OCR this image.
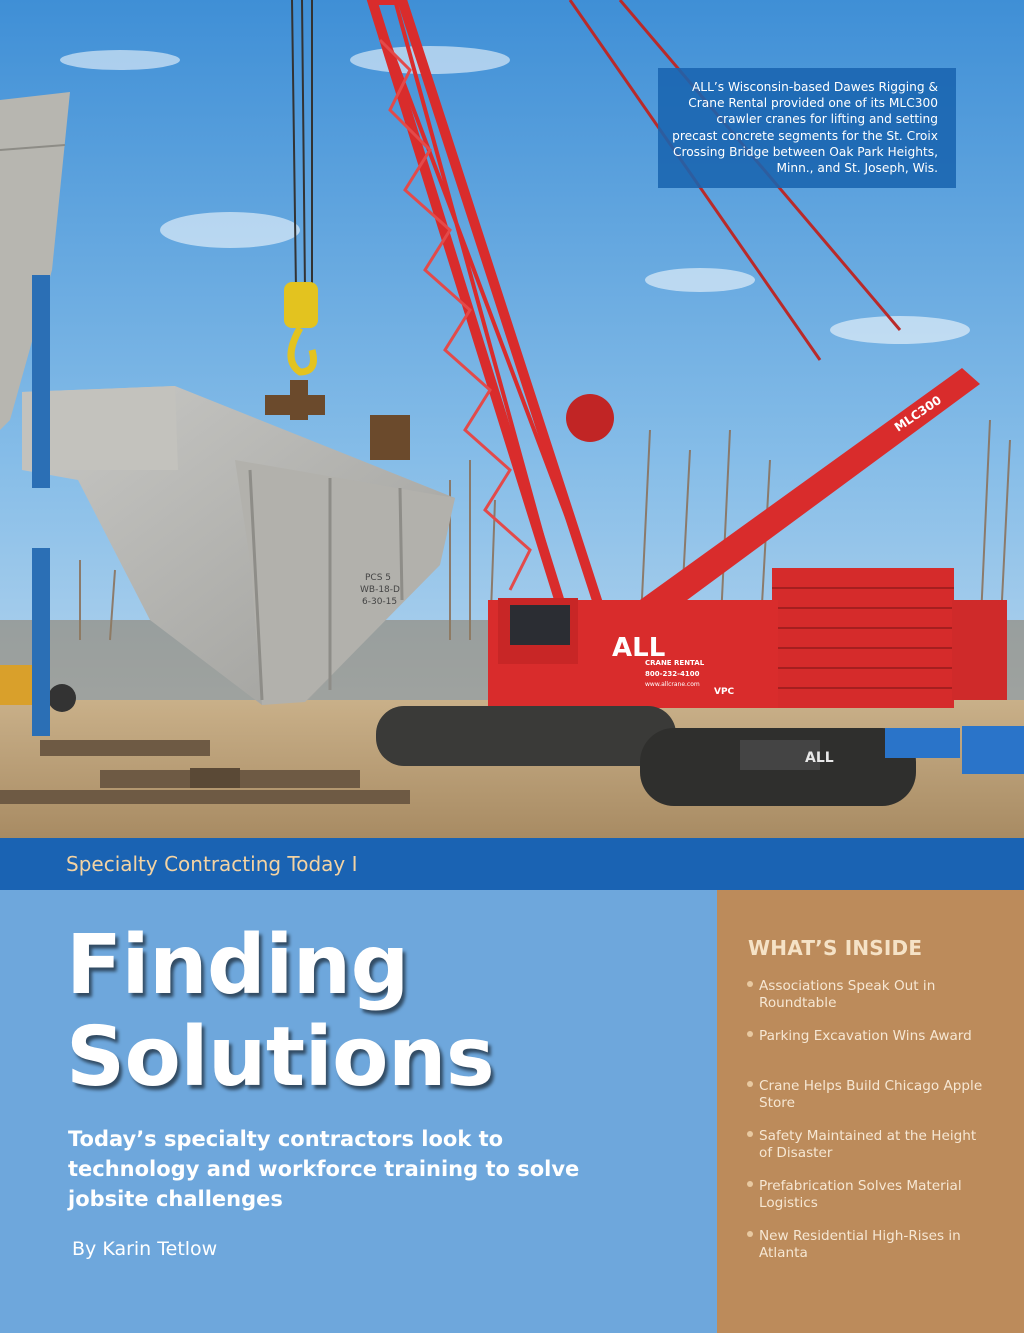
PCS 5
WB-18-D
6-30-15
MLC300
ALL
CRANE RENTAL
800-232-4100
www.allcrane.com
VPC
ALL
ALL’s Wisconsin-based Dawes Rigging & Crane Rental provided one of its MLC300 crawler cranes for lifting and setting precast concrete segments for the St. Croix Crossing Bridge between Oak Park Heights, Minn., and St. Joseph, Wis.
Specialty Contracting Today I
Finding
Solutions

Today’s specialty contractors look to technology and workforce training to solve jobsite challenges

By Karin Tetlow

WHAT’S INSIDE
Associations Speak Out in Roundtable
Parking Excavation Wins Award
Crane Helps Build Chicago Apple Store
Safety Maintained at the Height of Disaster
Prefabrication Solves Material Logistics
New Residential High-Rises in Atlanta
